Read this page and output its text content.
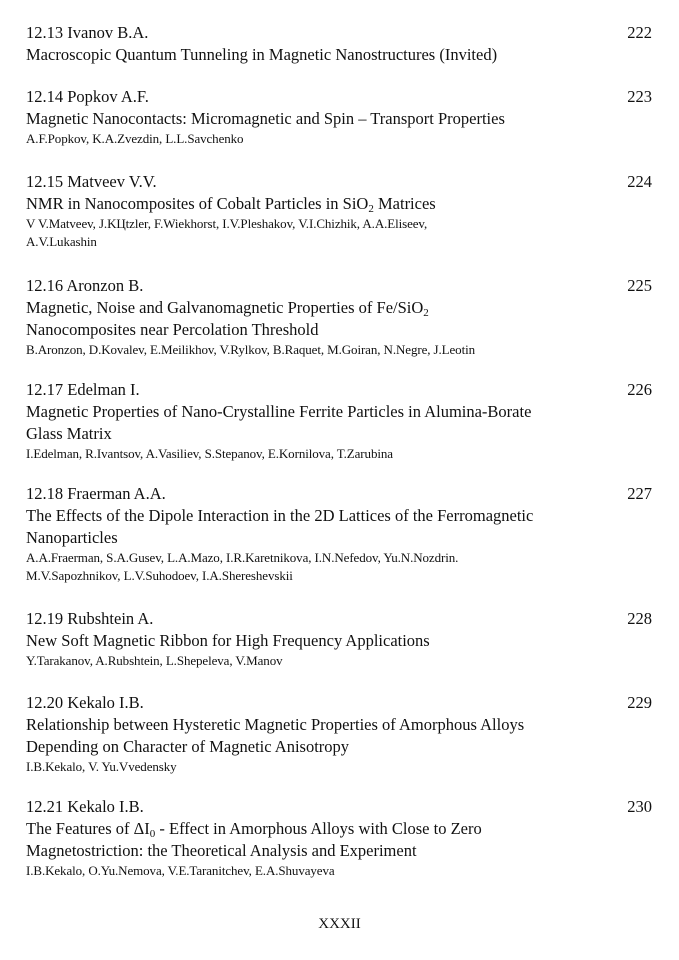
12.13 Ivanov B.A.	222
Macroscopic Quantum Tunneling in Magnetic Nanostructures (Invited)
12.14 Popkov A.F.	223
Magnetic Nanocontacts: Micromagnetic and Spin – Transport Properties
A.F.Popkov, K.A.Zvezdin, L.L.Savchenko
12.15 Matveev V.V.	224
NMR in Nanocomposites of Cobalt Particles in SiO$_2$ Matrices
V V.Matveev, J.KЦtzler, F.Wiekhorst, I.V.Pleshakov, V.I.Chizhik, A.A.Eliseev,
A.V.Lukashin
12.16 Aronzon B.	225
Magnetic, Noise and Galvanomagnetic Properties of Fe/SiO$_2$
Nanocomposites near Percolation Threshold
B.Aronzon, D.Kovalev, E.Meilikhov, V.Rylkov, B.Raquet, M.Goiran, N.Negre, J.Leotin
12.17 Edelman I.	226
Magnetic Properties of Nano-Crystalline Ferrite Particles in Alumina-Borate
Glass Matrix
I.Edelman, R.Ivantsov, A.Vasiliev, S.Stepanov, E.Kornilova, T.Zarubina
12.18 Fraerman A.A.	227
The Effects of the Dipole Interaction in the 2D Lattices of the Ferromagnetic
Nanoparticles
A.A.Fraerman, S.A.Gusev, L.A.Mazo, I.R.Karetnikova, I.N.Nefedov, Yu.N.Nozdrin.
M.V.Sapozhnikov, L.V.Suhodoev, I.A.Shereshevskii
12.19 Rubshtein A.	228
New Soft Magnetic Ribbon for High Frequency Applications
Y.Tarakanov, A.Rubshtein, L.Shepeleva, V.Manov
12.20 Kekalo I.B.	229
Relationship between Hysteretic Magnetic Properties of Amorphous Alloys
Depending on Character of Magnetic Anisotropy
I.B.Kekalo, V. Yu.Vvedensky
12.21 Kekalo I.B.	230
The Features of $\Delta I_0$ - Effect in Amorphous Alloys with Close to Zero
Magnetostriction: the Theoretical Analysis and Experiment
I.B.Kekalo, O.Yu.Nemova, V.E.Taranitchev, E.A.Shuvayeva
XXXII
